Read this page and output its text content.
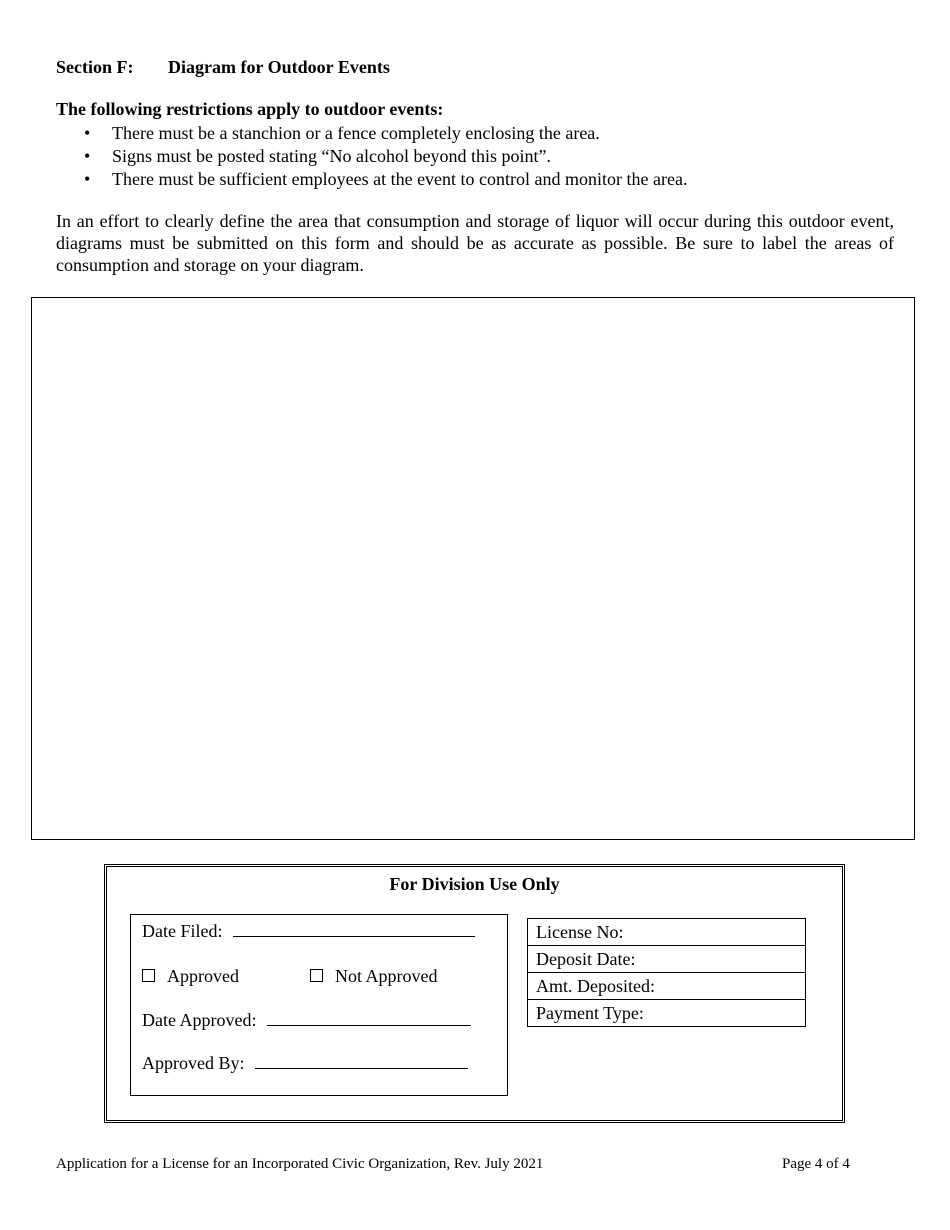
Section F: Diagram for Outdoor Events
The following restrictions apply to outdoor events:
• There must be a stanchion or a fence completely enclosing the area.
• Signs must be posted stating “No alcohol beyond this point”.
• There must be sufficient employees at the event to control and monitor the area.
In an effort to clearly define the area that consumption and storage of liquor will occur during this outdoor event, diagrams must be submitted on this form and should be as accurate as possible. Be sure to label the areas of consumption and storage on your diagram.
For Division Use Only
Date Filed:
Approved	Not Approved
Date Approved:
Approved By:
License No:
Deposit Date:
Amt. Deposited:
Payment Type:
Application for a License for an Incorporated Civic Organization, Rev. July 2021	Page 4 of 4
